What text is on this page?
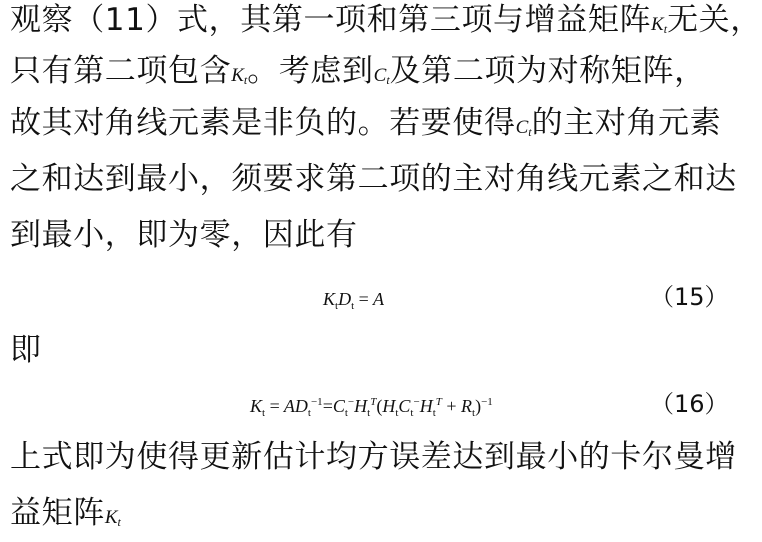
观察（11）式，其第一项和第三项与增益矩阵$K_t$无关，
只有第二项包含$K_t$。考虑到$C_t$及第二项为对称矩阵，
故其对角线元素是非负的。若要使得$C_t$的主对角元素
之和达到最小，须要求第二项的主对角线元素之和达
到最小，即为零，因此有
$K_tD_t = A$	（15）
即
$K_t = AD_t^{-1}=C_t^-H_t^T(H_tC_t^-H_t^T + R_t)^{-1}$	（16）
上式即为使得更新估计均方误差达到最小的卡尔曼增
益矩阵$K_t$
